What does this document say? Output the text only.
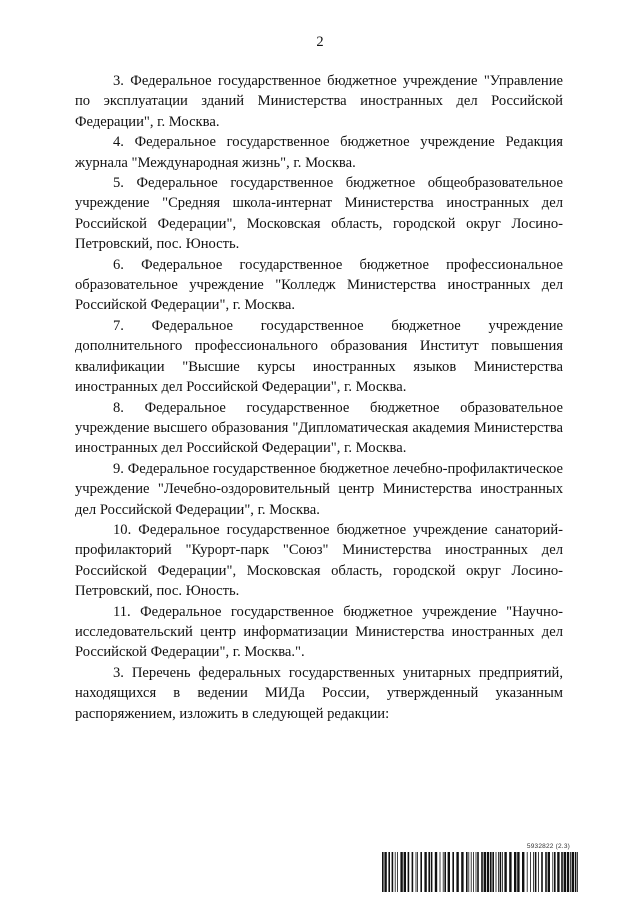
2

3. Федеральное государственное бюджетное учреждение "Управление по эксплуатации зданий Министерства иностранных дел Российской Федерации", г. Москва.

4. Федеральное государственное бюджетное учреждение Редакция журнала "Международная жизнь", г. Москва.

5. Федеральное государственное бюджетное общеобразовательное учреждение "Средняя школа-интернат Министерства иностранных дел Российской Федерации", Московская область, городской округ Лосино-Петровский, пос. Юность.

6. Федеральное государственное бюджетное профессиональное образовательное учреждение "Колледж Министерства иностранных дел Российской Федерации", г. Москва.

7. Федеральное государственное бюджетное учреждение дополнительного профессионального образования Институт повышения квалификации "Высшие курсы иностранных языков Министерства иностранных дел Российской Федерации", г. Москва.

8. Федеральное государственное бюджетное образовательное учреждение высшего образования "Дипломатическая академия Министерства иностранных дел Российской Федерации", г. Москва.

9. Федеральное государственное бюджетное лечебно-профилактическое учреждение "Лечебно-оздоровительный центр Министерства иностранных дел Российской Федерации", г. Москва.

10. Федеральное государственное бюджетное учреждение санаторий-профилакторий "Курорт-парк "Союз" Министерства иностранных дел Российской Федерации", Московская область, городской округ Лосино-Петровский, пос. Юность.

11. Федеральное государственное бюджетное учреждение "Научно-исследовательский центр информатизации Министерства иностранных дел Российской Федерации", г. Москва.".

3. Перечень федеральных государственных унитарных предприятий, находящихся в ведении МИДа России, утвержденный указанным распоряжением, изложить в следующей редакции:

5932822 (2.3)
